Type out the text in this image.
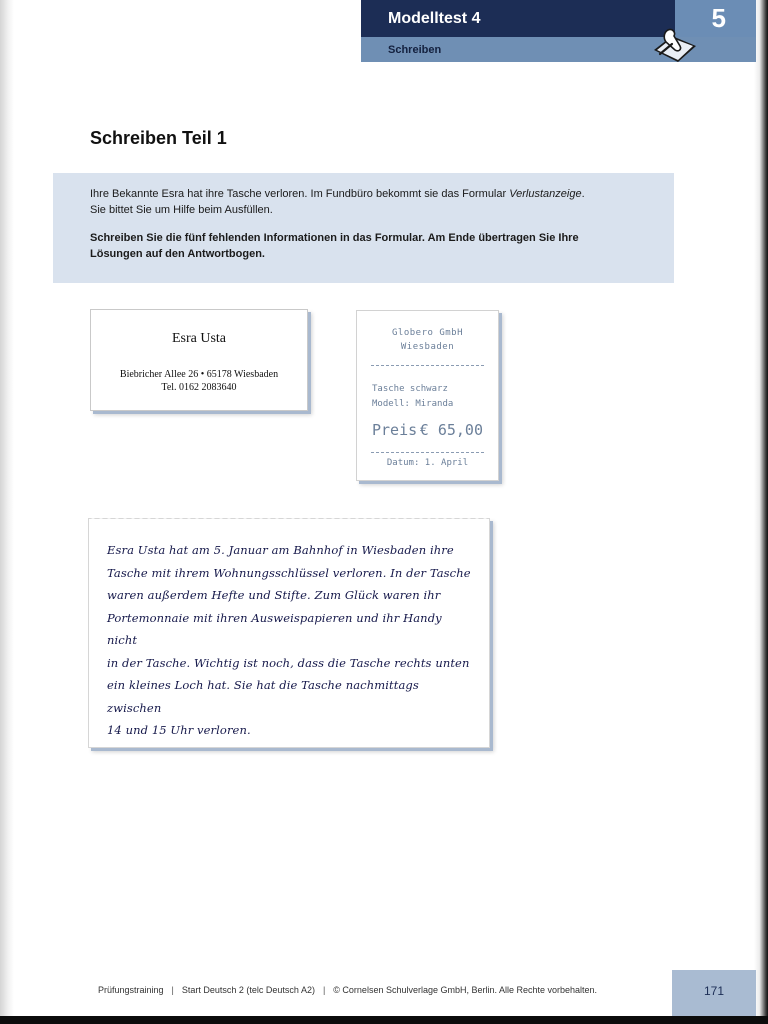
Modelltest 4	5
Schreiben
Schreiben Teil 1

Ihre Bekannte Esra hat ihre Tasche verloren. Im Fundbüro bekommt sie das Formular Verlustanzeige.

Sie bittet Sie um Hilfe beim Ausfüllen.

Schreiben Sie die fünf fehlenden Informationen in das Formular. Am Ende übertragen Sie Ihre
Lösungen auf den Antwortbogen.

Esra Usta
Biebricher Allee 26 • 65178 Wiesbaden
Tel. 0162 2083640
Globero GmbH
Wiesbaden
Tasche schwarz
Modell: Miranda
Preis € 65,00
Datum: 1. April
Esra Usta hat am 5. Januar am Bahnhof in Wiesbaden ihre
Tasche mit ihrem Wohnungsschlüssel verloren. In der Tasche
waren außerdem Hefte und Stifte. Zum Glück waren ihr
Portemonnaie mit ihren Ausweispapieren und ihr Handy nicht
in der Tasche. Wichtig ist noch, dass die Tasche rechts unten
ein kleines Loch hat. Sie hat die Tasche nachmittags zwischen
14 und 15 Uhr verloren.
Prüfungstraining | Start Deutsch 2 (telc Deutsch A2) | © Cornelsen Schulverlage GmbH, Berlin. Alle Rechte vorbehalten.	171
